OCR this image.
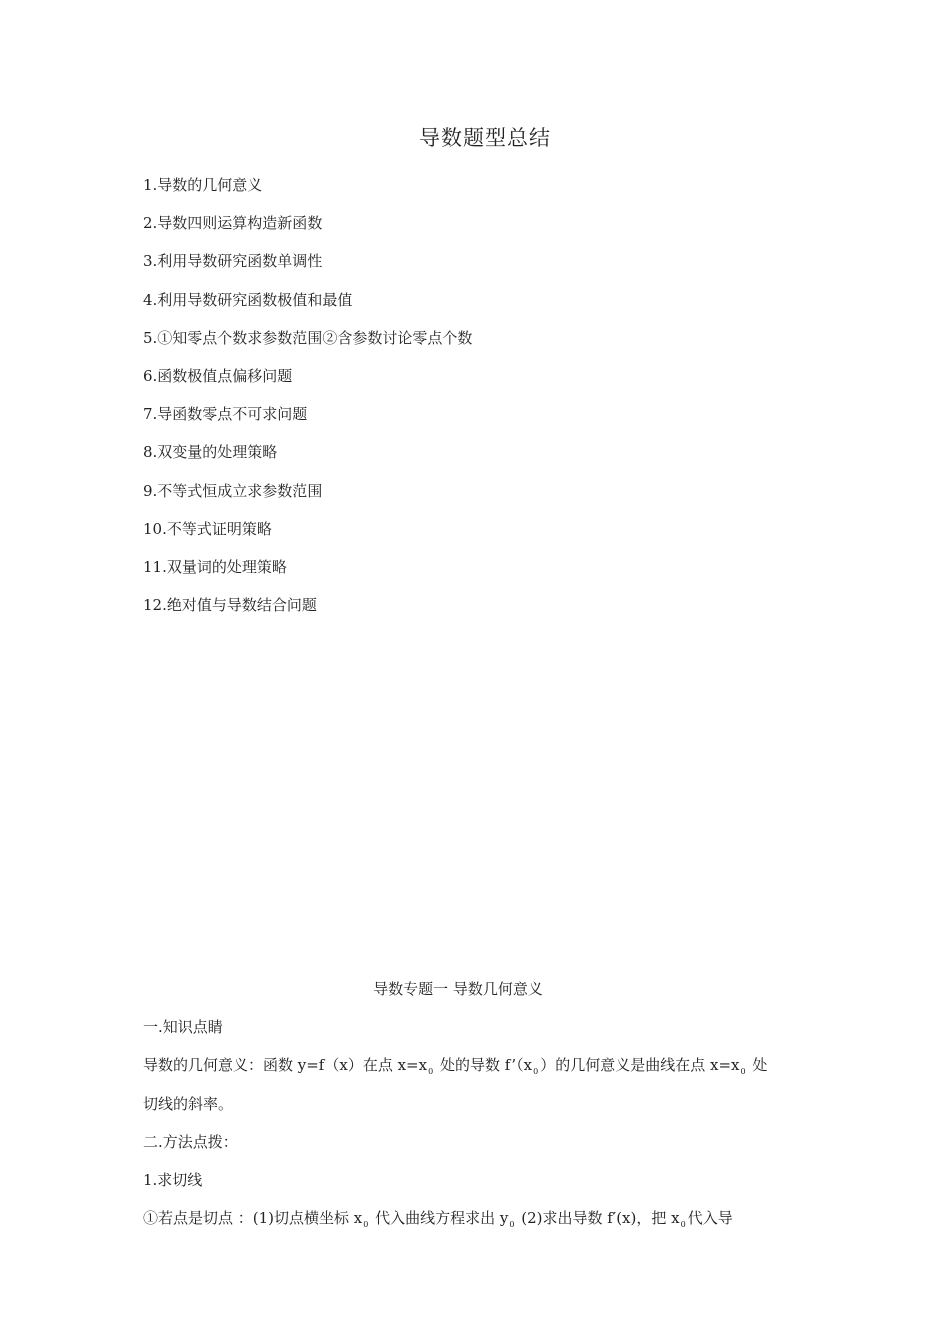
导数题型总结
1.导数的几何意义
2.导数四则运算构造新函数
3.利用导数研究函数单调性
4.利用导数研究函数极值和最值
5.①知零点个数求参数范围②含参数讨论零点个数
6.函数极值点偏移问题
7.导函数零点不可求问题
8.双变量的处理策略
9.不等式恒成立求参数范围
10.不等式证明策略
11.双量词的处理策略
12.绝对值与导数结合问题
导数专题一 导数几何意义
一.知识点睛
导数的几何意义：函数 y=f（x）在点 $x=x_0$ 处的导数 $f’(x_0$ ）的几何意义是曲线在点 $x=x_0$ 处
切线的斜率。
二.方法点拨：
1.求切线
①若点是切点 ：(1)切点横坐标 $x_0$ 代入曲线方程求出 $y_0$ (2)求出导数 f′(x)，把 $x_0$ 代入导
